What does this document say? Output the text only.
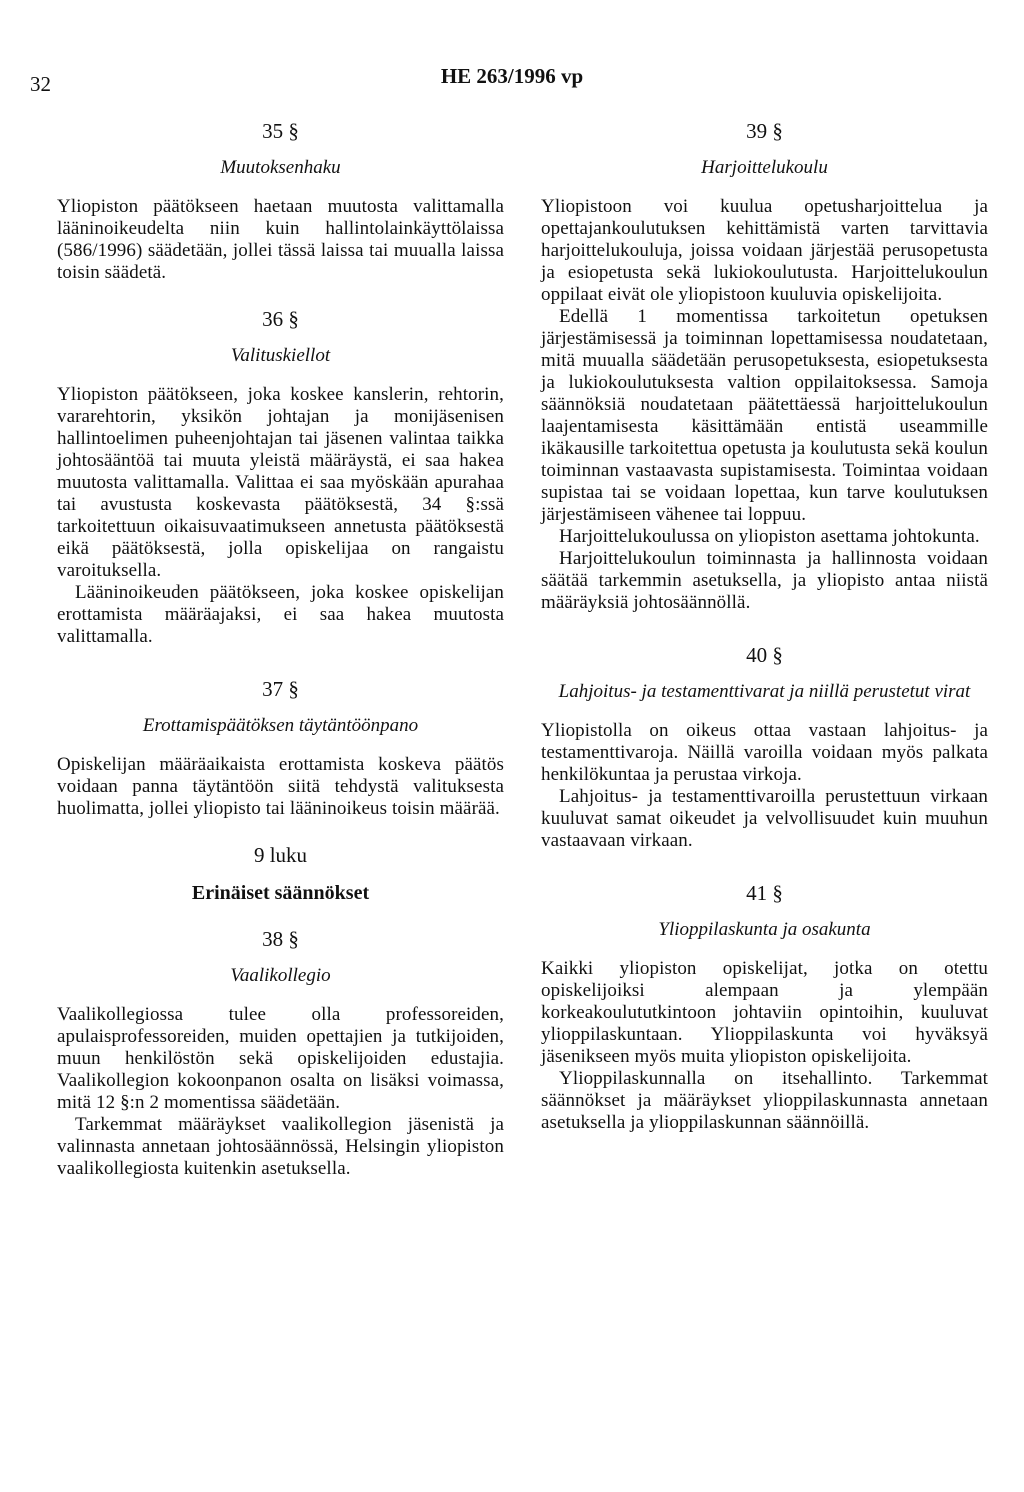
32	HE 263/1996 vp
35 §
Muutoksenhaku

Yliopiston päätökseen haetaan muutosta valittamalla lääninoikeudelta niin kuin hallintolainkäyttölaissa (586/1996) säädetään, jollei tässä laissa tai muualla laissa toisin säädetä.

36 §
Valituskiellot

Yliopiston päätökseen, joka koskee kanslerin, rehtorin, vararehtorin, yksikön johtajan ja monijäsenisen hallintoelimen puheenjohtajan tai jäsenen valintaa taikka johtosääntöä tai muuta yleistä määräystä, ei saa hakea muutosta valittamalla. Valittaa ei saa myöskään apurahaa tai avustusta koskevasta päätöksestä, 34 §:ssä tarkoitettuun oikaisuvaatimukseen annetusta päätöksestä eikä päätöksestä, jolla opiskelijaa on rangaistu varoituksella.

Lääninoikeuden päätökseen, joka koskee opiskelijan erottamista määräajaksi, ei saa hakea muutosta valittamalla.

37 §
Erottamispäätöksen täytäntöönpano

Opiskelijan määräaikaista erottamista koskeva päätös voidaan panna täytäntöön siitä tehdystä valituksesta huolimatta, jollei yliopisto tai lääninoikeus toisin määrää.

9 luku
Erinäiset säännökset
38 §
Vaalikollegio

Vaalikollegiossa tulee olla professoreiden, apulaisprofessoreiden, muiden opettajien ja tutkijoiden, muun henkilöstön sekä opiskelijoiden edustajia. Vaalikollegion kokoonpanon osalta on lisäksi voimassa, mitä 12 §:n 2 momentissa säädetään.

Tarkemmat määräykset vaalikollegion jäsenistä ja valinnasta annetaan johtosäännössä, Helsingin yliopiston vaalikollegiosta kuitenkin asetuksella.

39 §
Harjoittelukoulu

Yliopistoon voi kuulua opetusharjoittelua ja opettajankoulutuksen kehittämistä varten tarvittavia harjoittelukouluja, joissa voidaan järjestää perusopetusta ja esiopetusta sekä lukiokoulutusta. Harjoittelukoulun oppilaat eivät ole yliopistoon kuuluvia opiskelijoita.

Edellä 1 momentissa tarkoitetun opetuksen järjestämisessä ja toiminnan lopettamisessa noudatetaan, mitä muualla säädetään perusopetuksesta, esiopetuksesta ja lukiokoulutuksesta valtion oppilaitoksessa. Samoja säännöksiä noudatetaan päätettäessä harjoittelukoulun laajentamisesta käsittämään entistä useammille ikäkausille tarkoitettua opetusta ja koulutusta sekä koulun toiminnan vastaavasta supistamisesta. Toimintaa voidaan supistaa tai se voidaan lopettaa, kun tarve koulutuksen järjestämiseen vähenee tai loppuu.

Harjoittelukoulussa on yliopiston asettama johtokunta.

Harjoittelukoulun toiminnasta ja hallinnosta voidaan säätää tarkemmin asetuksella, ja yliopisto antaa niistä määräyksiä johtosäännöllä.

40 §
Lahjoitus- ja testamenttivarat ja niillä perustetut virat

Yliopistolla on oikeus ottaa vastaan lahjoitus- ja testamenttivaroja. Näillä varoilla voidaan myös palkata henkilökuntaa ja perustaa virkoja.

Lahjoitus- ja testamenttivaroilla perustettuun virkaan kuuluvat samat oikeudet ja velvollisuudet kuin muuhun vastaavaan virkaan.

41 §
Ylioppilaskunta ja osakunta

Kaikki yliopiston opiskelijat, jotka on otettu opiskelijoiksi alempaan ja ylempään korkeakoulututkintoon johtaviin opintoihin, kuuluvat ylioppilaskuntaan. Ylioppilaskunta voi hyväksyä jäsenikseen myös muita yliopiston opiskelijoita.

Ylioppilaskunnalla on itsehallinto. Tarkemmat säännökset ja määräykset ylioppilaskunnasta annetaan asetuksella ja ylioppilaskunnan säännöillä.
